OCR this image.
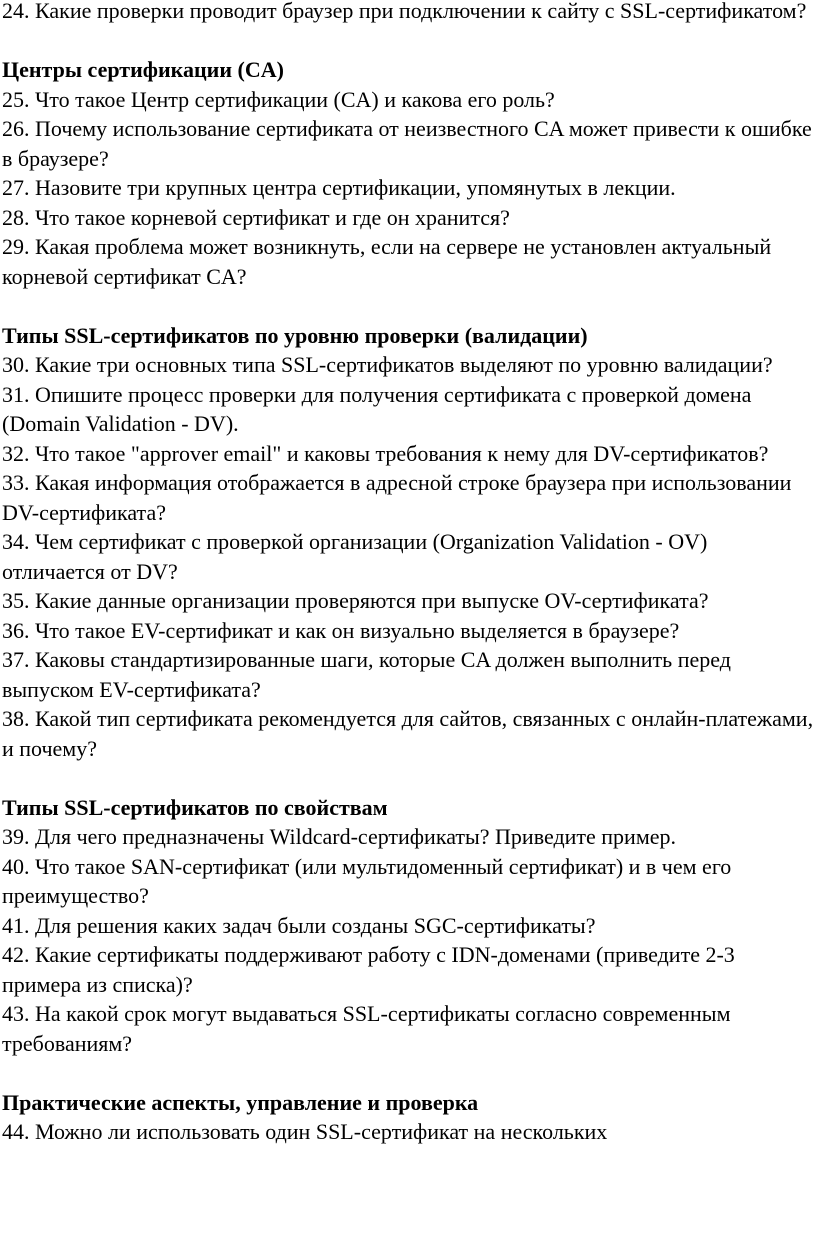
24. Какие проверки проводит браузер при подключении к сайту с SSL-сертификатом?

Центры сертификации (CA)

25. Что такое Центр сертификации (CA) и какова его роль?

26. Почему использование сертификата от неизвестного CA может привести к ошибке в браузере?

27. Назовите три крупных центра сертификации, упомянутых в лекции.

28. Что такое корневой сертификат и где он хранится?

29. Какая проблема может возникнуть, если на сервере не установлен актуальный корневой сертификат CA?

Типы SSL-сертификатов по уровню проверки (валидации)

30. Какие три основных типа SSL-сертификатов выделяют по уровню валидации?

31. Опишите процесс проверки для получения сертификата с проверкой домена (Domain Validation - DV).

32. Что такое "approver email" и каковы требования к нему для DV-сертификатов?

33. Какая информация отображается в адресной строке браузера при использовании DV-сертификата?

34. Чем сертификат с проверкой организации (Organization Validation - OV) отличается от DV?

35. Какие данные организации проверяются при выпуске OV-сертификата?

36. Что такое EV-сертификат и как он визуально выделяется в браузере?

37. Каковы стандартизированные шаги, которые CA должен выполнить перед выпуском EV-сертификата?

38. Какой тип сертификата рекомендуется для сайтов, связанных с онлайн-платежами, и почему?

Типы SSL-сертификатов по свойствам

39. Для чего предназначены Wildcard-сертификаты? Приведите пример.

40. Что такое SAN-сертификат (или мультидоменный сертификат) и в чем его преимущество?

41. Для решения каких задач были созданы SGC-сертификаты?

42. Какие сертификаты поддерживают работу с IDN-доменами (приведите 2-3 примера из списка)?

43. На какой срок могут выдаваться SSL-сертификаты согласно современным требованиям?

Практические аспекты, управление и проверка

44. Можно ли использовать один SSL-сертификат на нескольких
